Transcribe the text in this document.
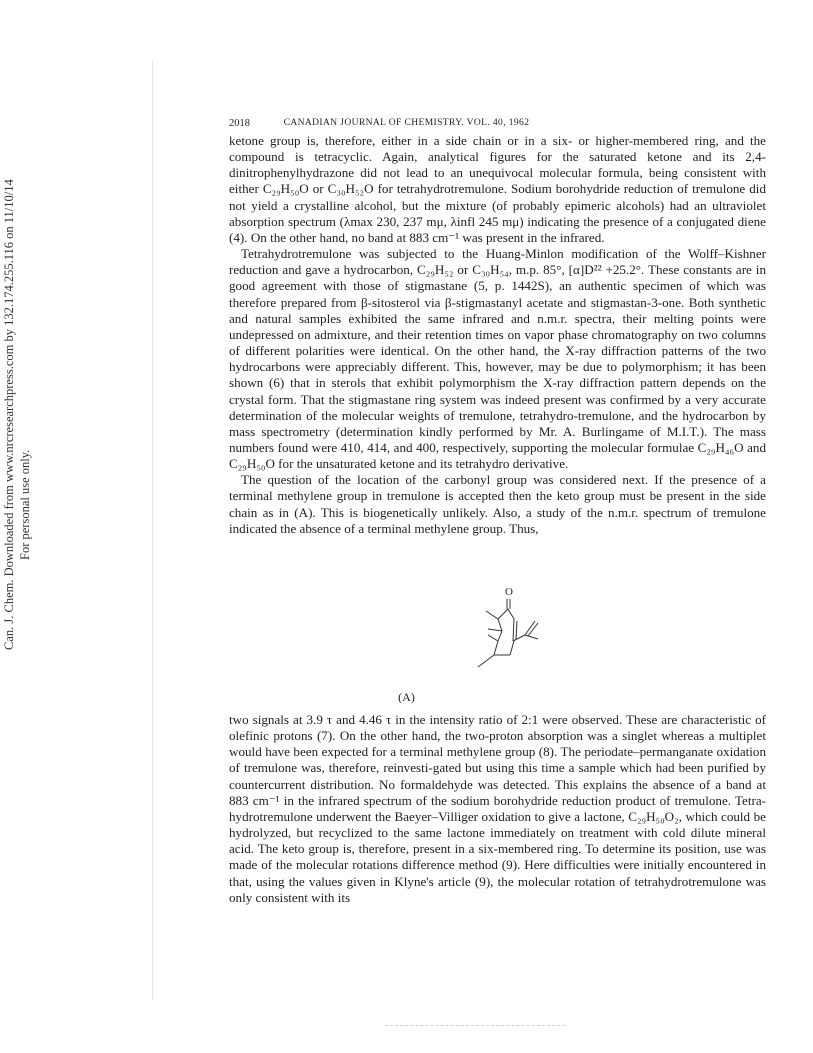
Can. J. Chem. Downloaded from www.nrcresearchpress.com by 132.174.255.116 on 11/10/14 For personal use only.
2018	CANADIAN JOURNAL OF CHEMISTRY. VOL. 40, 1962

ketone group is, therefore, either in a side chain or in a six- or higher-membered ring, and the compound is tetracyclic. Again, analytical figures for the saturated ketone and its 2,4-dinitrophenylhydrazone did not lead to an unequivocal molecular formula, being consistent with either C₂₉H₅₀O or C₃₀H₅₂O for tetrahydrotremulone. Sodium borohydride reduction of tremulone did not yield a crystalline alcohol, but the mixture (of probably epimeric alcohols) had an ultraviolet absorption spectrum (λmax 230, 237 mμ, λinfl 245 mμ) indicating the presence of a conjugated diene (4). On the other hand, no band at 883 cm⁻¹ was present in the infrared.

Tetrahydrotremulone was subjected to the Huang-Minlon modification of the Wolff–Kishner reduction and gave a hydrocarbon, C₂₉H₅₂ or C₃₀H₅₄, m.p. 85°, [α]D²² +25.2°. These constants are in good agreement with those of stigmastane (5, p. 1442S), an authentic specimen of which was therefore prepared from β-sitosterol via β-stigmastanyl acetate and stigmastan-3-one. Both synthetic and natural samples exhibited the same infrared and n.m.r. spectra, their melting points were undepressed on admixture, and their retention times on vapor phase chromatography on two columns of different polarities were identical. On the other hand, the X-ray diffraction patterns of the two hydrocarbons were appreciably different. This, however, may be due to polymorphism; it has been shown (6) that in sterols that exhibit polymorphism the X-ray diffraction pattern depends on the crystal form. That the stigmastane ring system was indeed present was confirmed by a very accurate determination of the molecular weights of tremulone, tetrahydro-tremulone, and the hydrocarbon by mass spectrometry (determination kindly performed by Mr. A. Burlingame of M.I.T.). The mass numbers found were 410, 414, and 400, respectively, supporting the molecular formulae C₂₉H₄₆O and C₂₉H₅₀O for the unsaturated ketone and its tetrahydro derivative.

The question of the location of the carbonyl group was considered next. If the presence of a terminal methylene group in tremulone is accepted then the keto group must be present in the side chain as in (A). This is biogenetically unlikely. Also, a study of the n.m.r. spectrum of tremulone indicated the absence of a terminal methylene group. Thus,

O
(A)

two signals at 3.9 τ and 4.46 τ in the intensity ratio of 2:1 were observed. These are characteristic of olefinic protons (7). On the other hand, the two-proton absorption was a singlet whereas a multiplet would have been expected for a terminal methylene group (8). The periodate–permanganate oxidation of tremulone was, therefore, reinvesti-gated but using this time a sample which had been purified by countercurrent distribution. No formaldehyde was detected. This explains the absence of a band at 883 cm⁻¹ in the infrared spectrum of the sodium borohydride reduction product of tremulone. Tetra-hydrotremulone underwent the Baeyer–Villiger oxidation to give a lactone, C₂₉H₅₀O₂, which could be hydrolyzed, but recyclized to the same lactone immediately on treatment with cold dilute mineral acid. The keto group is, therefore, present in a six-membered ring. To determine its position, use was made of the molecular rotations difference method (9). Here difficulties were initially encountered in that, using the values given in Klyne's article (9), the molecular rotation of tetrahydrotremulone was only consistent with its
